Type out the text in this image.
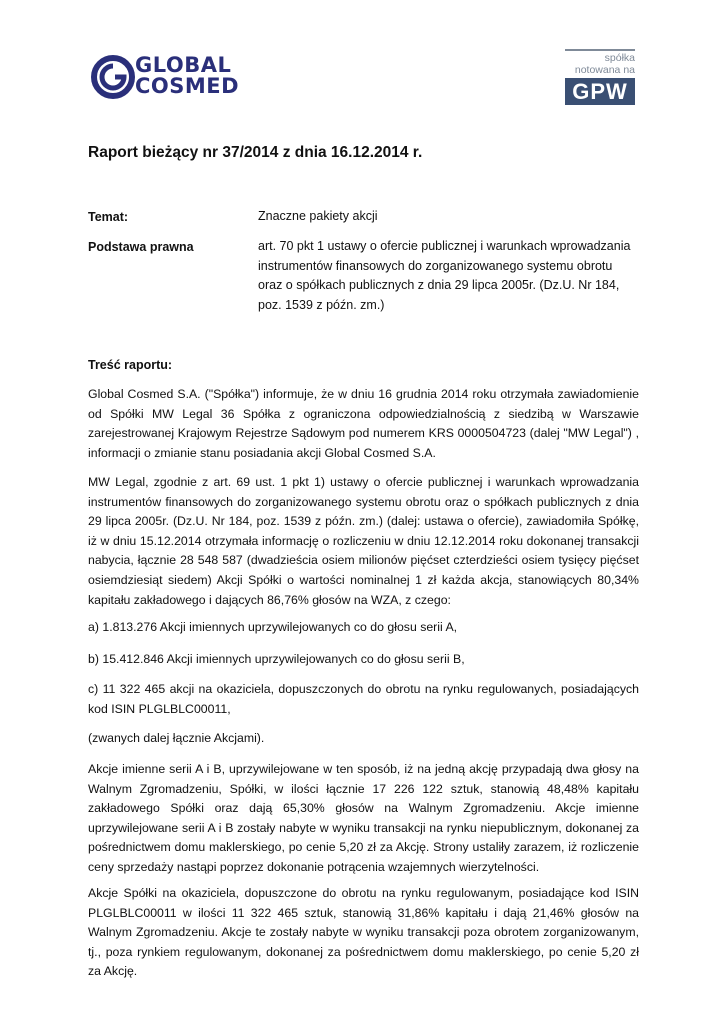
GLOBAL
COSMED
spółka
notowana na
GPW
Raport bieżący nr 37/2014 z dnia 16.12.2014 r.
Temat:	Znaczne pakiety akcji
Podstawa prawna	art. 70 pkt 1 ustawy o ofercie publicznej i warunkach wprowadzania instrumentów finansowych do zorganizowanego systemu obrotu oraz o spółkach publicznych z dnia 29 lipca 2005r. (Dz.U. Nr 184, poz. 1539 z późn. zm.)
Treść raportu:

Global Cosmed S.A. ("Spółka") informuje, że w dniu 16 grudnia 2014 roku otrzymała zawiadomienie od Spółki MW Legal 36 Spółka z ograniczona odpowiedzialnością z siedzibą w Warszawie zarejestrowanej Krajowym Rejestrze Sądowym pod numerem KRS 0000504723 (dalej "MW Legal") , informacji o zmianie stanu posiadania akcji Global Cosmed S.A.

MW Legal, zgodnie z art. 69 ust. 1 pkt 1) ustawy o ofercie publicznej i warunkach wprowadzania instrumentów finansowych do zorganizowanego systemu obrotu oraz o spółkach publicznych z dnia 29 lipca 2005r. (Dz.U. Nr 184, poz. 1539 z późn. zm.) (dalej: ustawa o ofercie), zawiadomiła Spółkę, iż w dniu 15.12.2014 otrzymała informację o rozliczeniu w dniu 12.12.2014 roku dokonanej transakcji nabycia, łącznie 28 548 587 (dwadzieścia osiem milionów pięćset czterdzieści osiem tysięcy pięćset osiemdziesiąt siedem) Akcji Spółki o wartości nominalnej 1 zł każda akcja, stanowiących 80,34% kapitału zakładowego i dających 86,76% głosów na WZA, z czego:

a) 1.813.276 Akcji imiennych uprzywilejowanych co do głosu serii A,

b) 15.412.846 Akcji imiennych uprzywilejowanych co do głosu serii B,

c) 11 322 465 akcji na okaziciela, dopuszczonych do obrotu na rynku regulowanych, posiadających kod ISIN PLGLBLC00011,

(zwanych dalej łącznie Akcjami).

Akcje imienne serii A i B, uprzywilejowane w ten sposób, iż na jedną akcję przypadają dwa głosy na Walnym Zgromadzeniu, Spółki, w ilości łącznie 17 226 122 sztuk, stanowią 48,48% kapitału zakładowego Spółki oraz dają 65,30% głosów na Walnym Zgromadzeniu. Akcje imienne uprzywilejowane serii A i B zostały nabyte w wyniku transakcji na rynku niepublicznym, dokonanej za pośrednictwem domu maklerskiego, po cenie 5,20 zł za Akcję. Strony ustaliły zarazem, iż rozliczenie ceny sprzedaży nastąpi poprzez dokonanie potrącenia wzajemnych wierzytelności.

Akcje Spółki na okaziciela, dopuszczone do obrotu na rynku regulowanym, posiadające kod ISIN PLGLBLC00011 w ilości 11 322 465 sztuk, stanowią 31,86% kapitału i dają 21,46% głosów na Walnym Zgromadzeniu. Akcje te zostały nabyte w wyniku transakcji poza obrotem zorganizowanym, tj., poza rynkiem regulowanym, dokonanej za pośrednictwem domu maklerskiego, po cenie 5,20 zł za Akcję.
